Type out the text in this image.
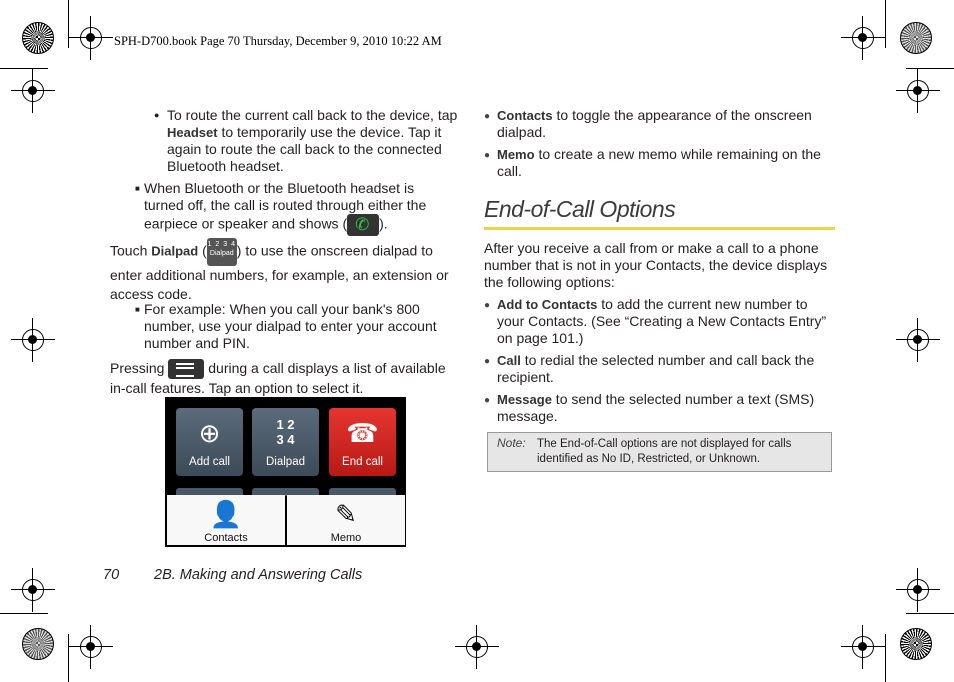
SPH-D700.book Page 70 Thursday, December 9, 2010 10:22 AM
● To route the current call back to the device, tap Headset to temporarily use the device. Tap it again to route the call back to the connected Bluetooth headset.
■ When Bluetooth or the Bluetooth headset is turned off, the call is routed through either the earpiece or speaker and shows (✆ ).
Touch Dialpad (1 2 3 4
Dialpad ) to use the onscreen dialpad to enter additional numbers, for example, an extension or access code.
■ For example: When you call your bank's 800 number, use your dialpad to enter your account number and PIN.
Pressing	during a call displays a list of available in-call features. Tap an option to select it.
⊕
Add call
1 2
3 4
Dialpad
☎
End call
👤
Contacts
✎
Memo
● Contacts to toggle the appearance of the onscreen dialpad.
● Memo to create a new memo while remaining on the call.
End-of-Call Options
After you receive a call from or make a call to a phone number that is not in your Contacts, the device displays the following options:
● Add to Contacts to add the current new number to your Contacts. (See “Creating a New Contacts Entry” on page 101.)
● Call to redial the selected number and call back the recipient.
● Message to send the selected number a text (SMS) message.
Note: The End-of-Call options are not displayed for calls identified as No ID, Restricted, or Unknown.
70 2B. Making and Answering Calls
